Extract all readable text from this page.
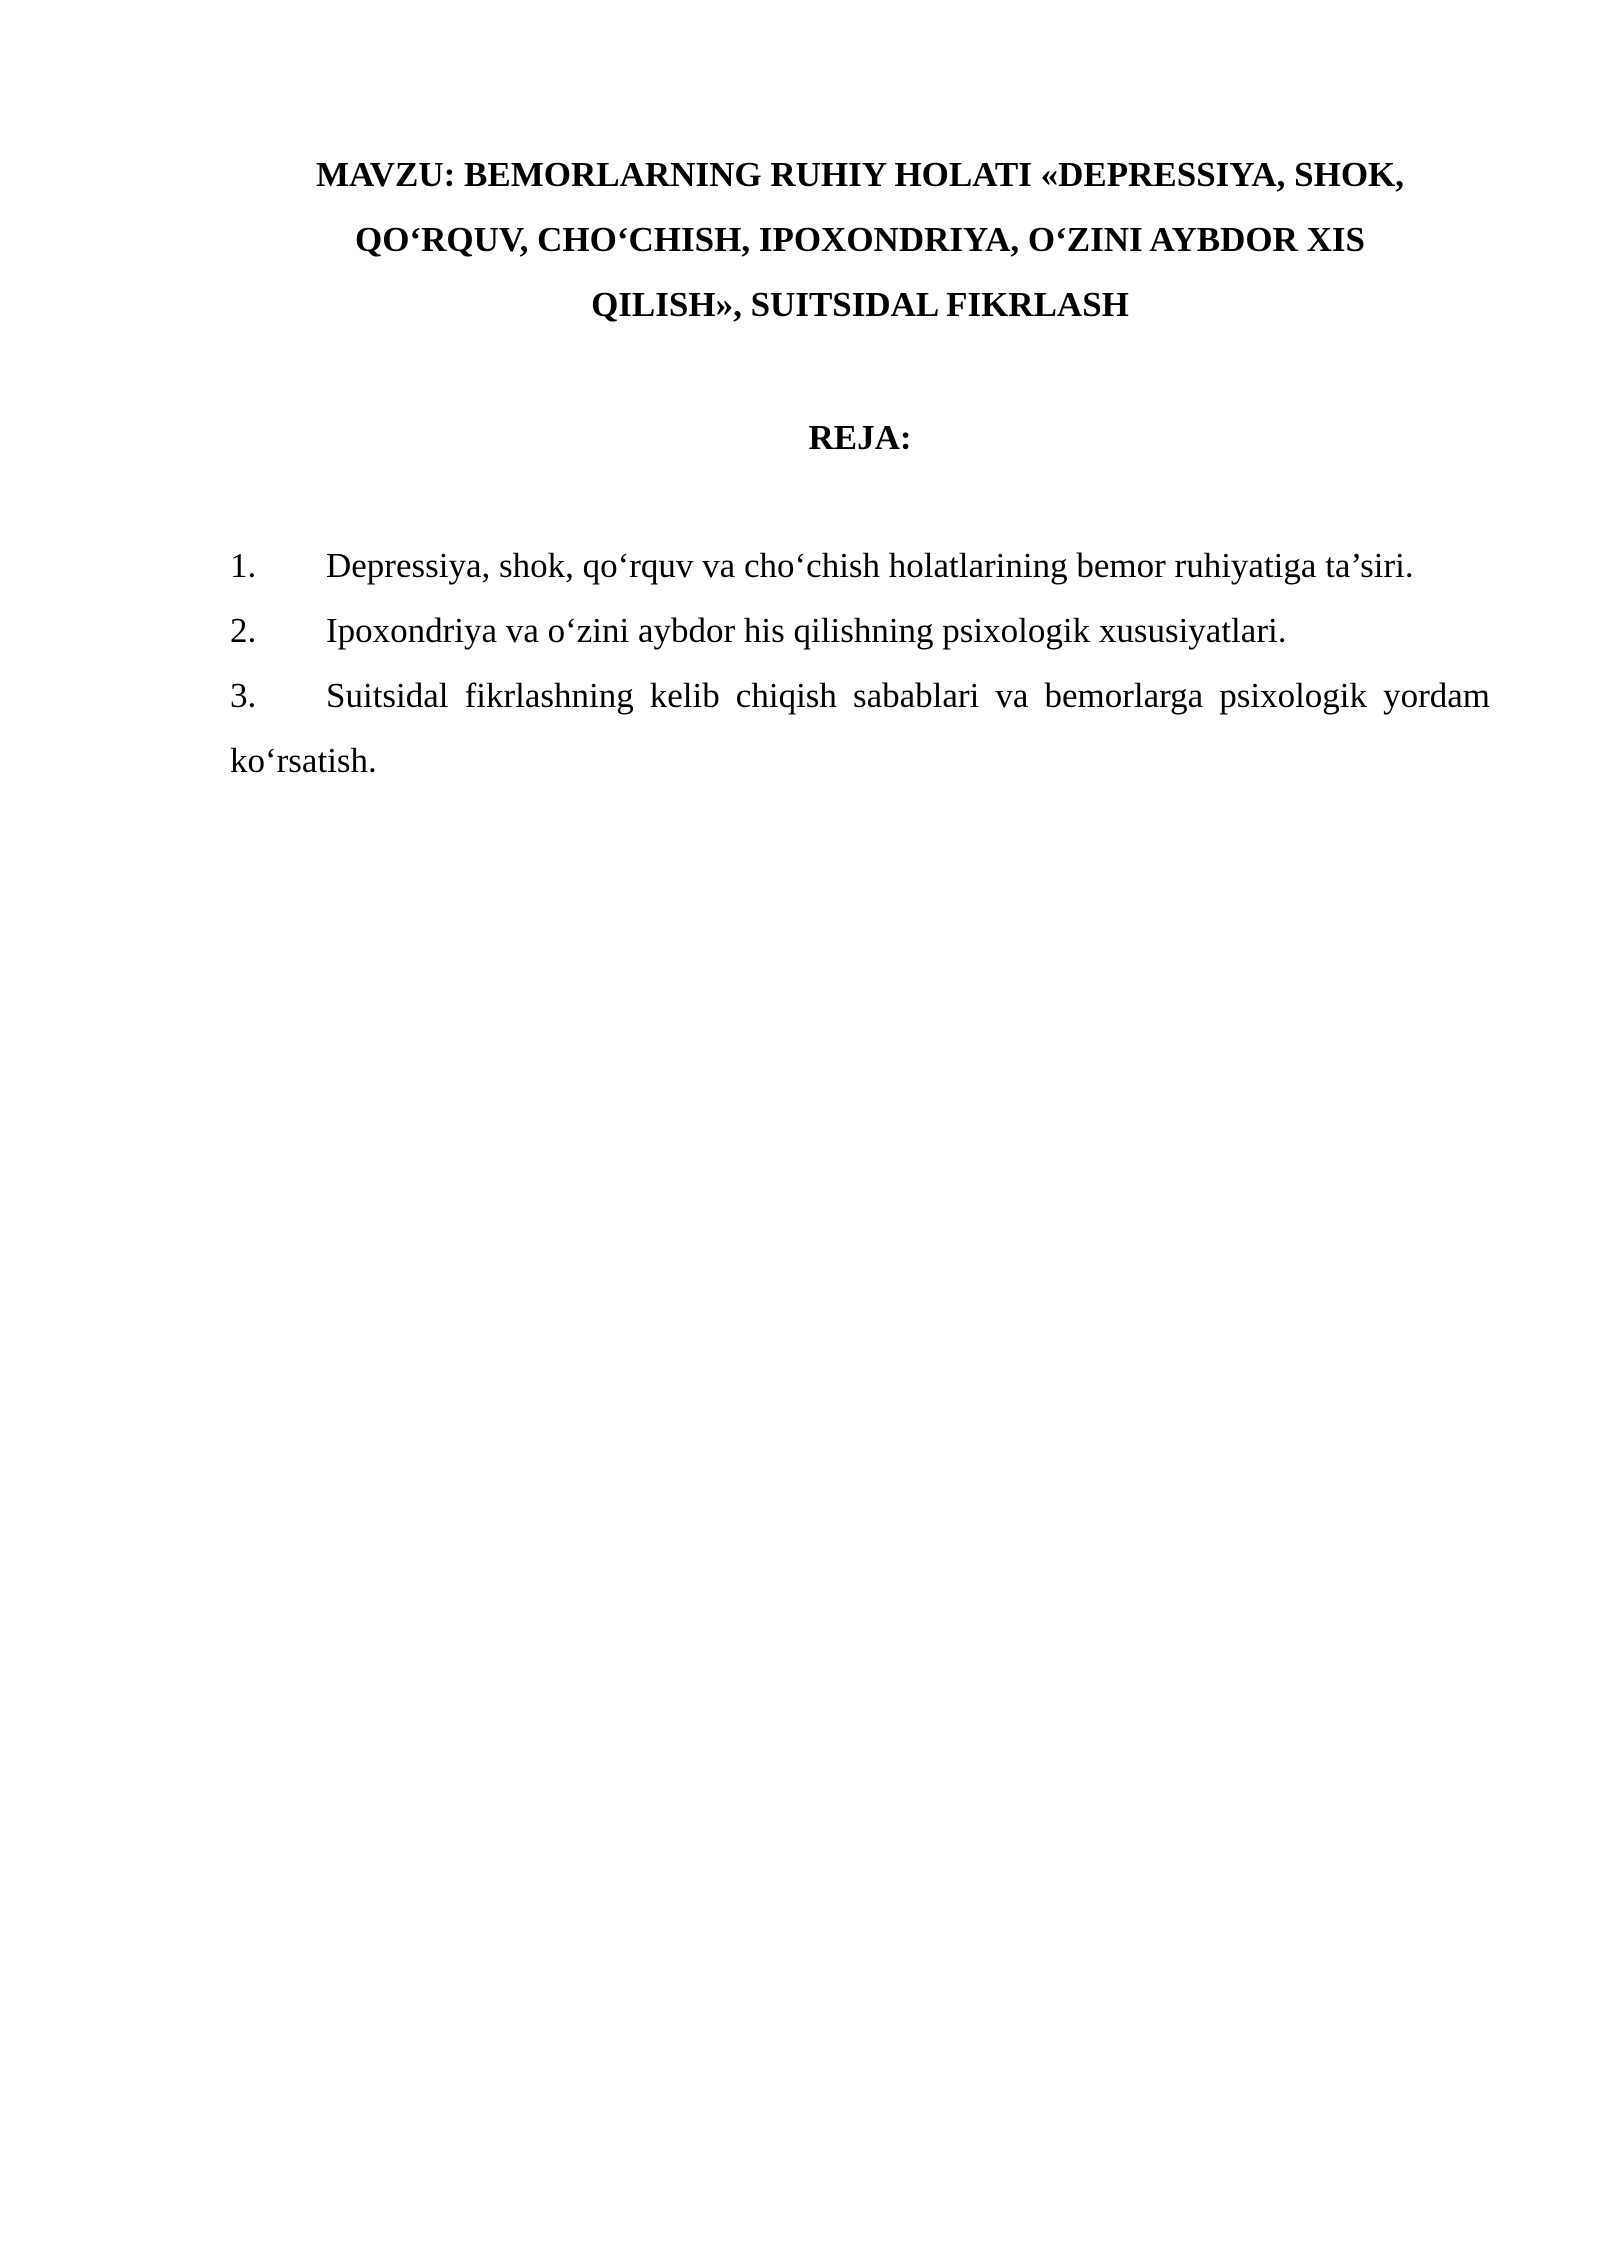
MAVZU: BEMORLARNING RUHIY HOLATI «DEPRESSIYA, SHOK,
QO‘RQUV, CHO‘CHISH, IPOXONDRIYA, O‘ZINI AYBDOR XIS
QILISH», SUITSIDAL FIKRLASH
REJA:
1. Depressiya, shok, qo‘rquv va cho‘chish holatlarining bemor ruhiyatiga ta’siri.
2. Ipoxondriya va o‘zini aybdor his qilishning psixologik xususiyatlari.
3. Suitsidal fikrlashning kelib chiqish sabablari va bemorlarga psixologik yordam ko‘rsatish.
